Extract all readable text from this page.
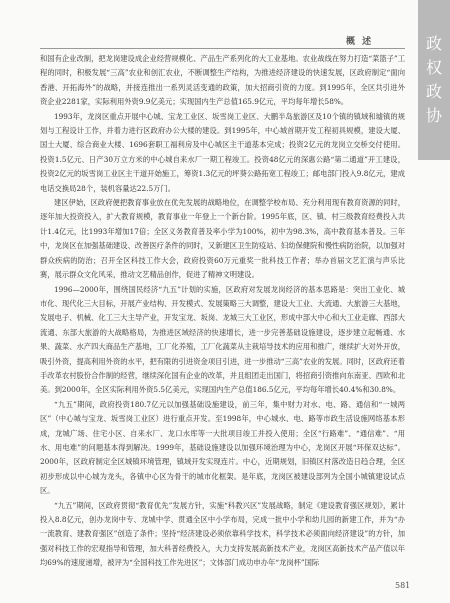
概 述	政
权
政
协

和国有企业改制，把龙岗建设成企业经营规模化、产品生产系列化的大工业基地。农业战线在努力打造“菜篮子”工程的同时，积极发展“三高”农业和创汇农业，不断调整生产结构，为推进经济建设的快速发展，区政府制定“面向香港、开拓海外”的战略，并接连推出一系列灵活变通的政策，加大招商引资的力度。到1995年，全区共引进外资企业2281家，实际利用外资9.9亿美元；实现国内生产总值165.9亿元，平均每年增长58%。

1993年，龙岗区重点开展中心城、宝龙工业区、坂雪岗工业区、大鹏半岛旅游区及10个镇的镇域和墟镇的规划与工程设计工作，并着力进行区政府办公大楼的建设。到1995年，中心城首期开发工程初具规模，建设大厦、国土大厦、综合商业大楼、1696套职工福利房及中心城区主干道基本完成；投资2亿元的龙岗立交桥交付使用。投资1.5亿元、日产30万立方米的中心城自来水厂一期工程竣工。投资48亿元的深惠公路“第二通道”开工建设，投资2亿元的坂雪岗工业区主干道开始施工，筹资1.3亿元的坪葵公路拓宽工程竣工；邮电部门投入9.8亿元，建成电话交换局28个，装机容量达22.5万门。

建区伊始，区政府便把教育事业放在优先发展的战略地位，在调整学校布局、充分利用现有教育资源的同时，逐年加大投资投入，扩大教育规模，教育事业一年登上一个新台阶。1995年底，区、镇、村三级教育经费投入共计1.4亿元，比1993年增加17倍；全区义务教育普及率小学为100%，初中为98.3%，高中教育基本普及。三年中，龙岗区在加强基础建设、改善医疗条件的同时，又新建区卫生防疫站、妇幼保健院和慢性病防治院，以加强对群众疾病的防治；召开全区科技工作大会，政府投资60万元重奖一批科技工作者；举办首届文艺汇演与声乐比赛，展示群众文化风采，推动文艺精品创作，促进了精神文明建设。

1996—2000年，围绕国民经济“九五”计划的实施，区政府对发展龙岗经济的基本思路是：突出工业化、城市化、现代化三大目标，开展产业结构、开发模式、发展策略三大调整，建设大工业、大流通、大旅游三大基地，发展电子、机械、化工三大主导产业，开发宝龙、坂岗、龙城三大工业区，形成中部大中心和大工业走廊、西部大流通、东部大旅游的大战略格局，为推进区域经济的快速增长，进一步完善基础设施建设，逐步建立起畅通、水果、蔬菜、水产四大商品生产基地，工厂化养殖，工厂化蔬菜从主栽培导技术的应用和推广，继续扩大对外开放，吸引外资，提高利用外资的水平，把有限的引进资金项目引进，进一步推动“三高”农业的发展。同时，区政府还着手改革农村股份合作制的经营，继续深化国有企业的改革，并且组团走出国门，将招商引资推向东南亚、西欧和北美。到2000年，全区实际利用外资5.5亿美元，实现国内生产总值186.5亿元，平均每年增长40.4%和30.8%。

“九五”期间，政府投资180.7亿元以加强基础设施建设，前三年，集中财力对水、电、路、通信和“一城两区”（中心城与宝龙、坂雪岗工业区）进行重点开发。至1998年，中心城水、电、路等市政生活设施网络基本形成，龙城广场、住宅小区、自来水厂、龙口水库等一大批项目竣工并投入使用；全区“行路难”、“通信难”、“用水、用电难”的问题基本得到解决。1999年，基础设施建设以加强环境治理为中心，龙岗区开展“环保双达标”。2000年，区政府制定全区城镇环境管理，镇域开发实现连片。中心，近期规划，旧镇区村落改造日趋合理，全区初步形成以中心城为龙头，各镇中心区为骨干的城市化框架。是年底，龙岗区被建设部列为全国小城镇建设试点区。

“九五”期间，区政府贯彻“教育优先”发展方针，实施“科教兴区”发展战略，制定《建设教育强区规划》，累计投入8.8亿元，创办龙岗中专、龙城中学、贯通全区中小学布局，完成一批中小学和幼儿园的新建工作，并为“办一流教育、建教育强区”创造了条件；坚持“经济建设必须依靠科学技术，科学技术必须面向经济建设”的方针，加强对科技工作的宏观指导和管理，加大科普经费投入，大力支持发展高新技术产业，龙岗区高新技术产品产值以年均69%的速度递增，被评为“全国科技工作先进区”；文体部门成功申办年“龙岗杯”国际

581
